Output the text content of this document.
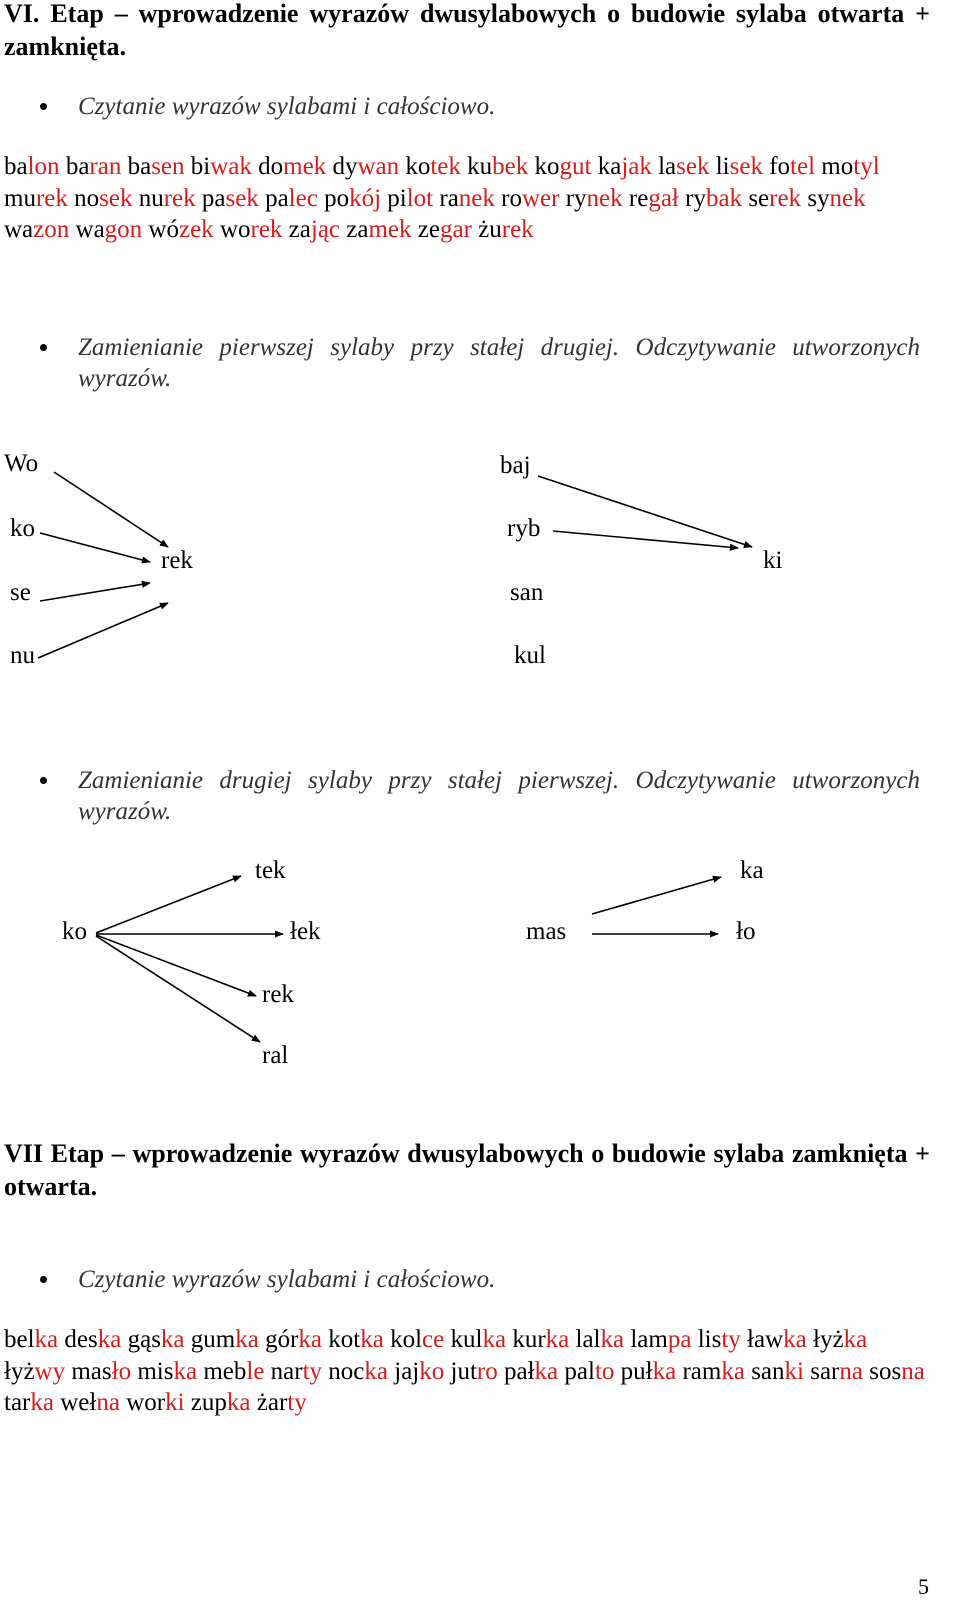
VI. Etap – wprowadzenie wyrazów dwusylabowych o budowie sylaba otwarta + zamknięta.
Czytanie wyrazów sylabami i całościowo.
balon baran basen biwak domek dywan kotek kubek kogut kajak lasek lisek fotel motyl murek nosek nurek pasek palec pokój pilot ranek rower rynek regał rybak serek synek wazon wagon wózek worek zając zamek zegar żurek
Zamienianie pierwszej sylaby przy stałej drugiej. Odczytywanie utworzonych wyrazów.
Wo
ko
se
nu
rek
baj
ryb
san
kul
ki
Zamienianie drugiej sylaby przy stałej pierwszej. Odczytywanie utworzonych wyrazów.
ko
tek
łek
rek
ral
mas
ka
ło
VII Etap – wprowadzenie wyrazów dwusylabowych o budowie sylaba zamknięta + otwarta.
Czytanie wyrazów sylabami i całościowo.
belka deska gąska gumka górka kotka kolce kulka kurka lalka lampa listy ławka łyżka łyżwy masło miska meble narty nocka jajko jutro pałka palto pułka ramka sanki sarna sosna tarka wełna worki zupka żarty
5
